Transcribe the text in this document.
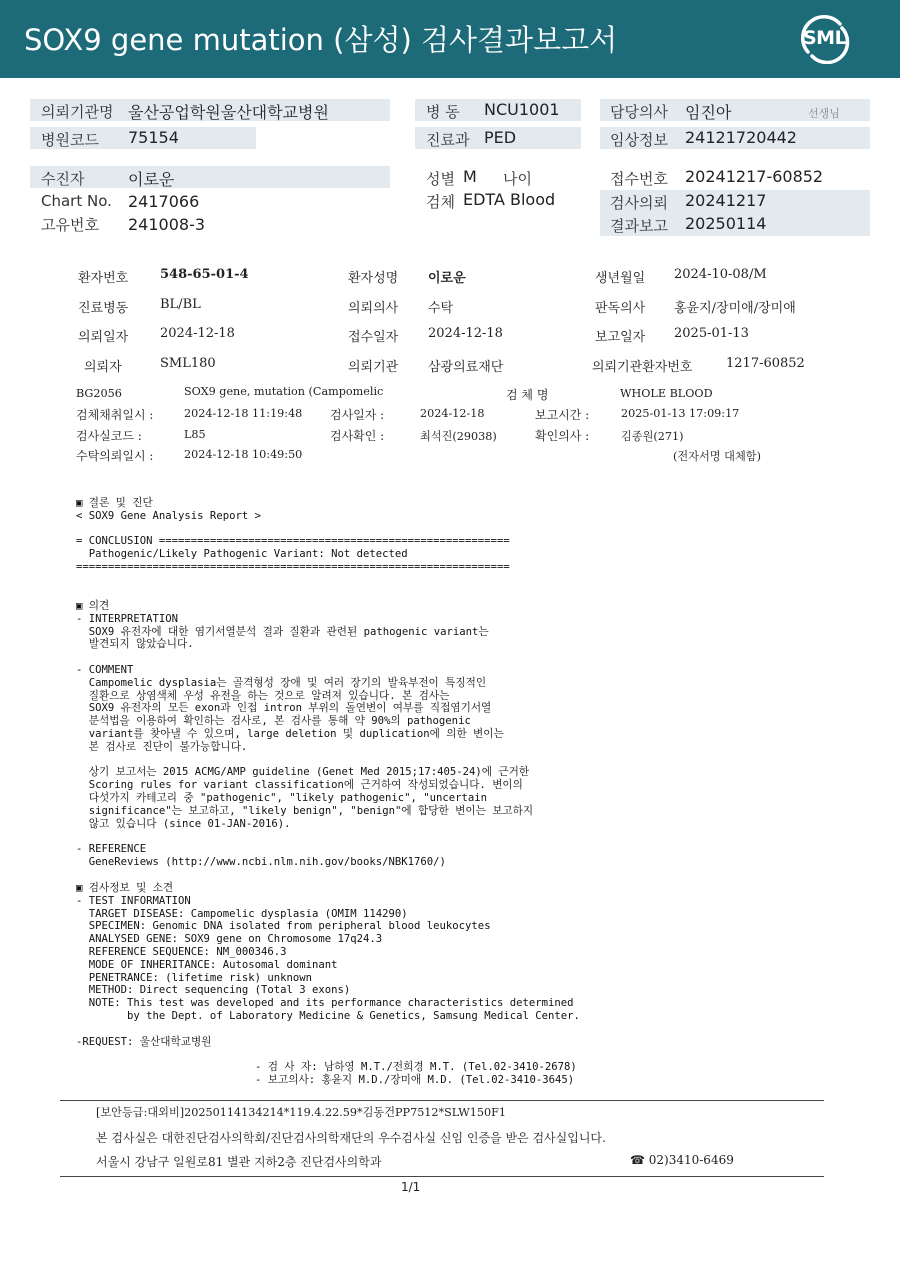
SOX9 gene mutation (삼성) 검사결과보고서	SML
의뢰기관명 울산공업학원울산대학교병원
병원코드 75154
병 동 NCU1001
진료과 PED
담당의사 임진아	선생님
임상정보 24121720442
수진자	이로운
Chart No. 2417066
고유번호 241008-3
성별 M 나이
검체 EDTA Blood
접수번호 20241217-60852
검사의뢰 20241217
결과보고 20250114
환자번호 548-65-01-4	환자성명 이로운	생년월일 2024-10-08/M
진료병동 BL/BL	의뢰의사 수탁	판독의사 홍윤지/장미애/장미애
의뢰일자 2024-12-18	접수일자 2024-12-18	보고일자 2025-01-13
의뢰자	SML180	의뢰기관 삼광의료재단	의뢰기관환자번호	1217-60852
BG2056	SOX9 gene, mutation (Campomelic	검 체 명	WHOLE BLOOD
검체채취일시 :	2024-12-18 11:19:48 검사일자 :	2024-12-18	보고시간 :	2025-01-13 17:09:17
검사실코드 :	L85	검사확인 :	최석진(29038)	확인의사 :	김종원(271)
수탁의뢰일시 :	2024-12-18 10:49:50	(전자서명 대체함)
▣ 결론 및 진단
< SOX9 Gene Analysis Report >

= CONCLUSION =======================================================
Pathogenic/Likely Pathogenic Variant: Not detected
====================================================================
▣ 의견
- INTERPRETATION
SOX9 유전자에 대한 염기서열분석 결과 질환과 관련된 pathogenic variant는
발견되지 않았습니다.

- COMMENT
Campomelic dysplasia는 골격형성 장애 및 여러 장기의 발육부전이 특징적인
질환으로 상염색체 우성 유전을 하는 것으로 알려져 있습니다. 본 검사는
SOX9 유전자의 모든 exon과 인접 intron 부위의 돌연변이 여부를 직접염기서열
분석법을 이용하여 확인하는 검사로, 본 검사를 통해 약 90%의 pathogenic
variant를 찾아낼 수 있으며, large deletion 및 duplication에 의한 변이는
본 검사로 진단이 불가능합니다.

상기 보고서는 2015 ACMG/AMP guideline (Genet Med 2015;17:405-24)에 근거한
Scoring rules for variant classification에 근거하여 작성되었습니다. 변이의
다섯가지 카테고리 중 "pathogenic", "likely pathogenic", "uncertain
significance"는 보고하고, "likely benign", "benign"에 합당한 변이는 보고하지
않고 있습니다 (since 01-JAN-2016).

- REFERENCE
GeneReviews (http://www.ncbi.nlm.nih.gov/books/NBK1760/)
▣ 검사정보 및 소견
- TEST INFORMATION
TARGET DISEASE: Campomelic dysplasia (OMIM 114290)
SPECIMEN: Genomic DNA isolated from peripheral blood leukocytes
ANALYSED GENE: SOX9 gene on Chromosome 17q24.3
REFERENCE SEQUENCE: NM_000346.3
MODE OF INHERITANCE: Autosomal dominant
PENETRANCE: (lifetime risk) unknown
METHOD: Direct sequencing (Total 3 exons)
NOTE: This test was developed and its performance characteristics determined
by the Dept. of Laboratory Medicine & Genetics, Samsung Medical Center.
-REQUEST: 울산대학교병원
- 검 사 자: 남하영 M.T./전희경 M.T. (Tel.02-3410-2678)
- 보고의사: 홍윤지 M.D./장미애 M.D. (Tel.02-3410-3645)
[보안등급:대외비]20250114134214*119.4.22.59*김동건PP7512*SLW150F1
본 검사실은 대한진단검사의학회/진단검사의학재단의 우수검사실 신임 인증을 받은 검사실입니다.
서울시 강남구 일원로81 별관 지하2층 진단검사의학과	☎ 02)3410-6469
1/1
